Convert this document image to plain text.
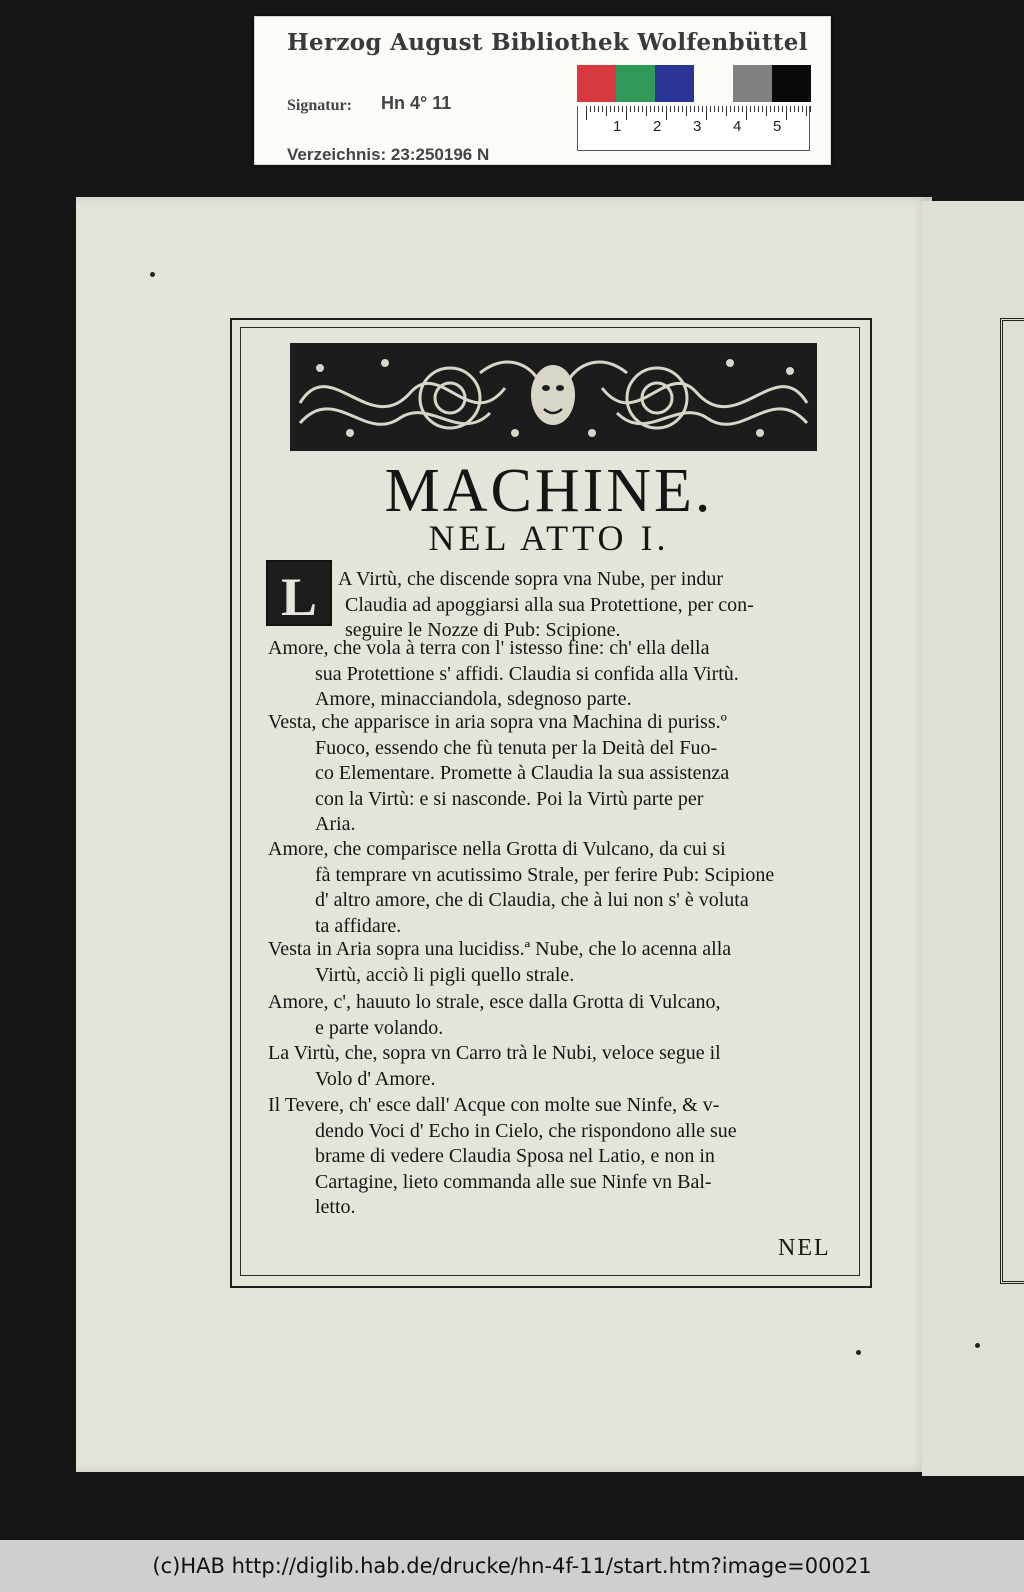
Herzog August Bibliothek Wolfenbüttel
Signatur: Hn 4° 11
Verzeichnis: 23:250196 N
1 2 3 4 5
MACHINE.
NEL ATTO I.
L	A Virtù, che discende sopra vna Nube, per indur
Claudia ad apoggiarsi alla sua Protettione, per con-
seguire le Nozze di Pub: Scipione.
Amore, che vola à terra con l' istesso fine: ch' ella della
sua Protettione s' affidi. Claudia si confida alla Virtù.
Amore, minacciandola, sdegnoso parte.
Vesta, che apparisce in aria sopra vna Machina di puriss.º
Fuoco, essendo che fù tenuta per la Deità del Fuo-
co Elementare. Promette à Claudia la sua assistenza
con la Virtù: e si nasconde. Poi la Virtù parte per
Aria.
Amore, che comparisce nella Grotta di Vulcano, da cui si
fà temprare vn acutissimo Strale, per ferire Pub: Scipione
d' altro amore, che di Claudia, che à lui non s' è voluta
ta affidare.
Vesta in Aria sopra una lucidiss.ª Nube, che lo acenna alla
Virtù, acciò li pigli quello strale.
Amore, c', hauuto lo strale, esce dalla Grotta di Vulcano,
e parte volando.
La Virtù, che, sopra vn Carro trà le Nubi, veloce segue il
Volo d' Amore.
Il Tevere, ch' esce dall' Acque con molte sue Ninfe, & v-
dendo Voci d' Echo in Cielo, che rispondono alle sue
brame di vedere Claudia Sposa nel Latio, e non in
Cartagine, lieto commanda alle sue Ninfe vn Bal-
letto.
NEL
(c)HAB http://diglib.hab.de/drucke/hn-4f-11/start.htm?image=00021
